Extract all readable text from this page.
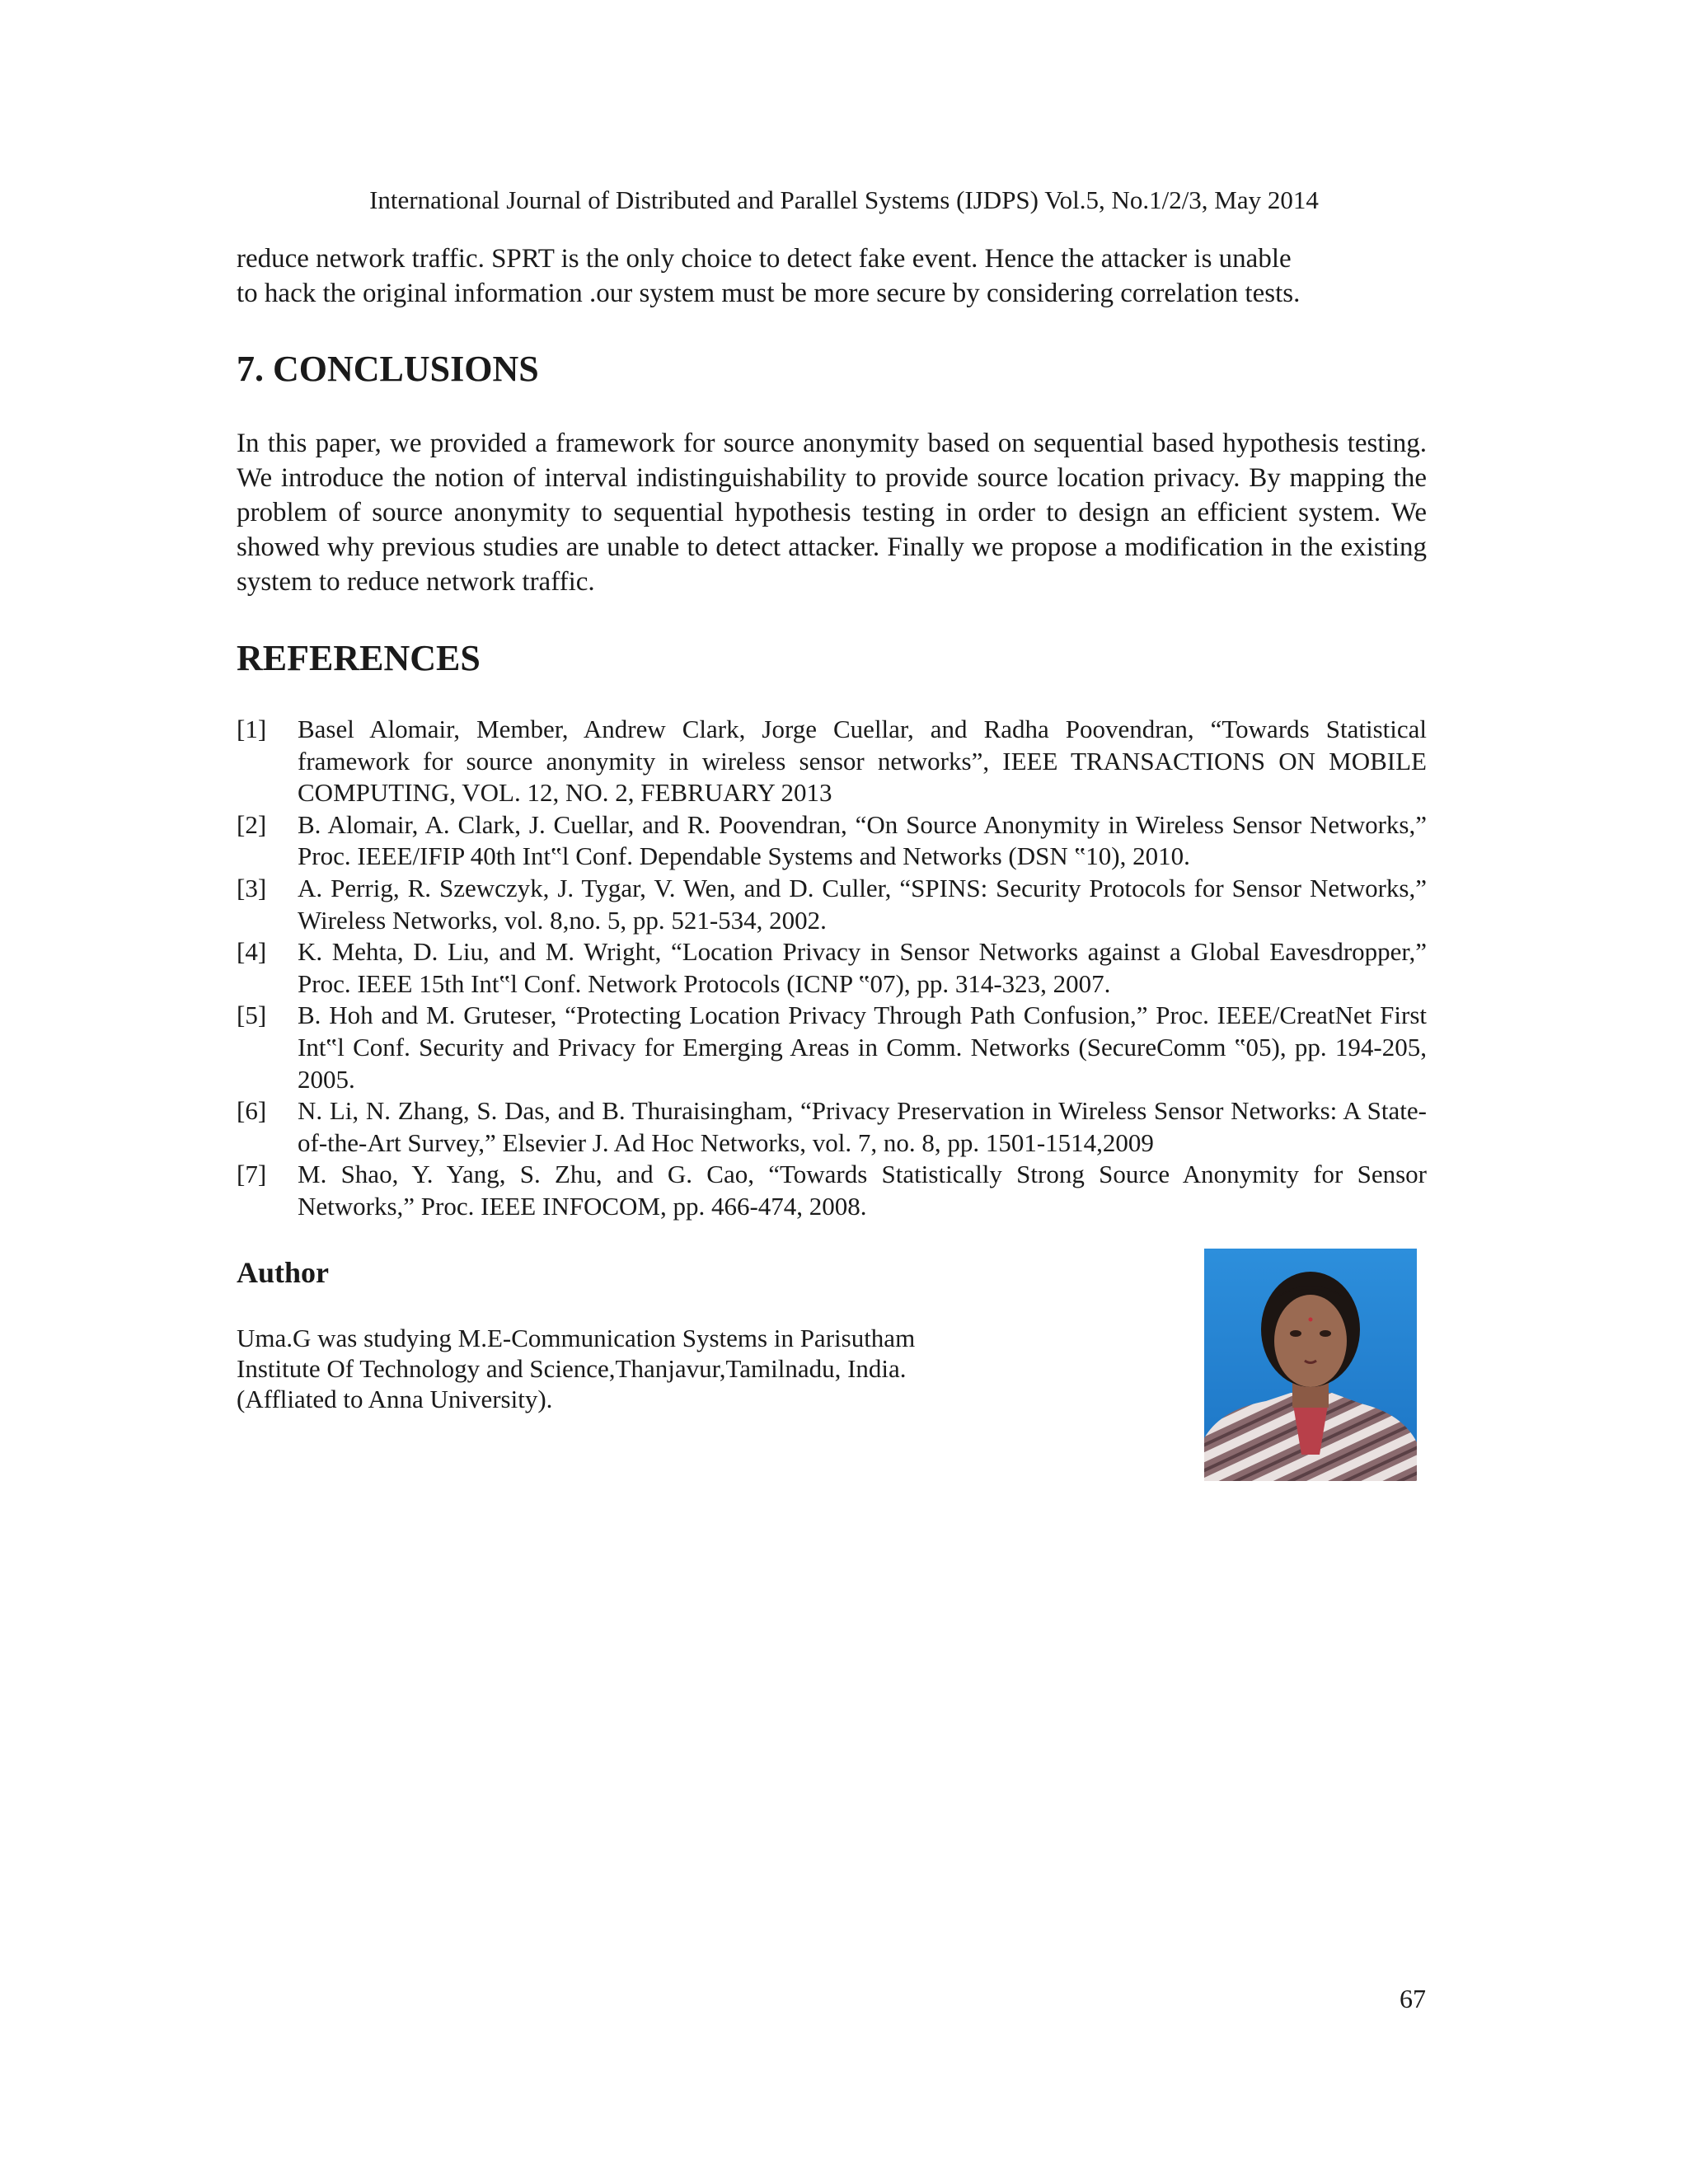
International Journal of Distributed and Parallel Systems (IJDPS) Vol.5, No.1/2/3, May 2014
reduce network traffic. SPRT is the only choice to detect fake event. Hence the attacker is unable
to hack the original information .our system must be more secure by considering correlation tests.
7. CONCLUSIONS

In this paper, we provided a framework for source anonymity based on sequential based hypothesis testing. We introduce the notion of interval indistinguishability to provide source location privacy. By mapping the problem of source anonymity to sequential hypothesis testing in order to design an efficient system. We showed why previous studies are unable to detect attacker. Finally we propose a modification in the existing system to reduce network traffic.

REFERENCES
[1]	Basel Alomair, Member, Andrew Clark, Jorge Cuellar, and Radha Poovendran, “Towards Statistical framework for source anonymity in wireless sensor networks”, IEEE TRANSACTIONS ON MOBILE COMPUTING, VOL. 12, NO. 2, FEBRUARY 2013
[2]	B. Alomair, A. Clark, J. Cuellar, and R. Poovendran, “On Source Anonymity in Wireless Sensor Networks,” Proc. IEEE/IFIP 40th Int‟l Conf. Dependable Systems and Networks (DSN ‟10), 2010.
[3]	A. Perrig, R. Szewczyk, J. Tygar, V. Wen, and D. Culler, “SPINS: Security Protocols for Sensor Networks,” Wireless Networks, vol. 8,no. 5, pp. 521-534, 2002.
[4]	K. Mehta, D. Liu, and M. Wright, “Location Privacy in Sensor Networks against a Global Eavesdropper,” Proc. IEEE 15th Int‟l Conf. Network Protocols (ICNP ‟07), pp. 314-323, 2007.
[5]	B. Hoh and M. Gruteser, “Protecting Location Privacy Through Path Confusion,” Proc. IEEE/CreatNet First Int‟l Conf. Security and Privacy for Emerging Areas in Comm. Networks (SecureComm ‟05), pp. 194-205, 2005.
[6]	N. Li, N. Zhang, S. Das, and B. Thuraisingham, “Privacy Preservation in Wireless Sensor Networks: A State-of-the-Art Survey,” Elsevier J. Ad Hoc Networks, vol. 7, no. 8, pp. 1501-1514,2009
[7]	M. Shao, Y. Yang, S. Zhu, and G. Cao, “Towards Statistically Strong Source Anonymity for Sensor Networks,” Proc. IEEE INFOCOM, pp. 466-474, 2008.
Author
Uma.G was studying M.E-Communication Systems in Parisutham
Institute Of Technology and Science,Thanjavur,Tamilnadu, India.
(Affliated to Anna University).
67
